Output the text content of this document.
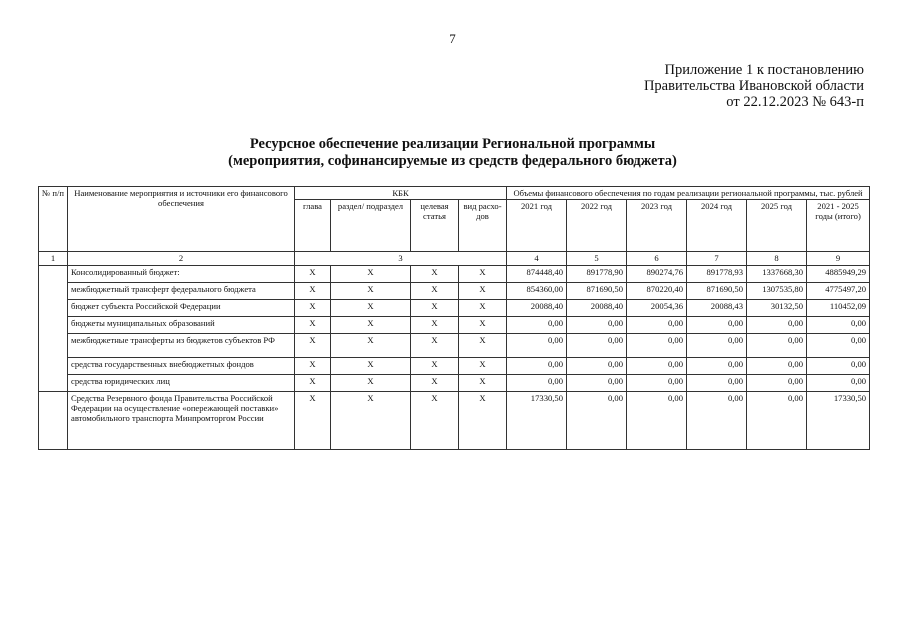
7
Приложение 1 к постановлению
Правительства Ивановской области
от 22.12.2023 № 643-п
Ресурсное обеспечение реализации Региональной программы
(мероприятия, софинансируемые из средств федерального бюджета)
№ п/п	Наименование мероприятия и источники его финансового обеспечения	КБК				Объемы финансового обеспечения по годам реализации региональной программы, тыс. рублей					
		глава	раздел/ подраздел	целевая статья	вид расхо- дов	2021 год	2022 год	2023 год	2024 год	2025 год	2021 - 2025 годы (итого)
1	2	3				4	5	6	7	8	9
	Консолидированный бюджет:	X	X	X	X	874448,40	891778,90	890274,76	891778,93	1337668,30	4885949,29
	межбюджетный трансферт федерального бюджета	X	X	X	X	854360,00	871690,50	870220,40	871690,50	1307535,80	4775497,20
	бюджет субъекта Российской Федерации	X	X	X	X	20088,40	20088,40	20054,36	20088,43	30132,50	110452,09
	бюджеты муниципальных образований	X	X	X	X	0,00	0,00	0,00	0,00	0,00	0,00
	межбюджетные трансферты из бюджетов субъектов РФ	X	X	X	X	0,00	0,00	0,00	0,00	0,00	0,00
	средства государственных внебюджетных фондов	X	X	X	X	0,00	0,00	0,00	0,00	0,00	0,00
	средства юридических лиц	X	X	X	X	0,00	0,00	0,00	0,00	0,00	0,00
	Средства Резервного фонда Правительства Российской Федерации на осуществление «опережающей поставки» автомобильного транспорта Минпромторгом России	X	X	X	X	17330,50	0,00	0,00	0,00	0,00	17330,50
